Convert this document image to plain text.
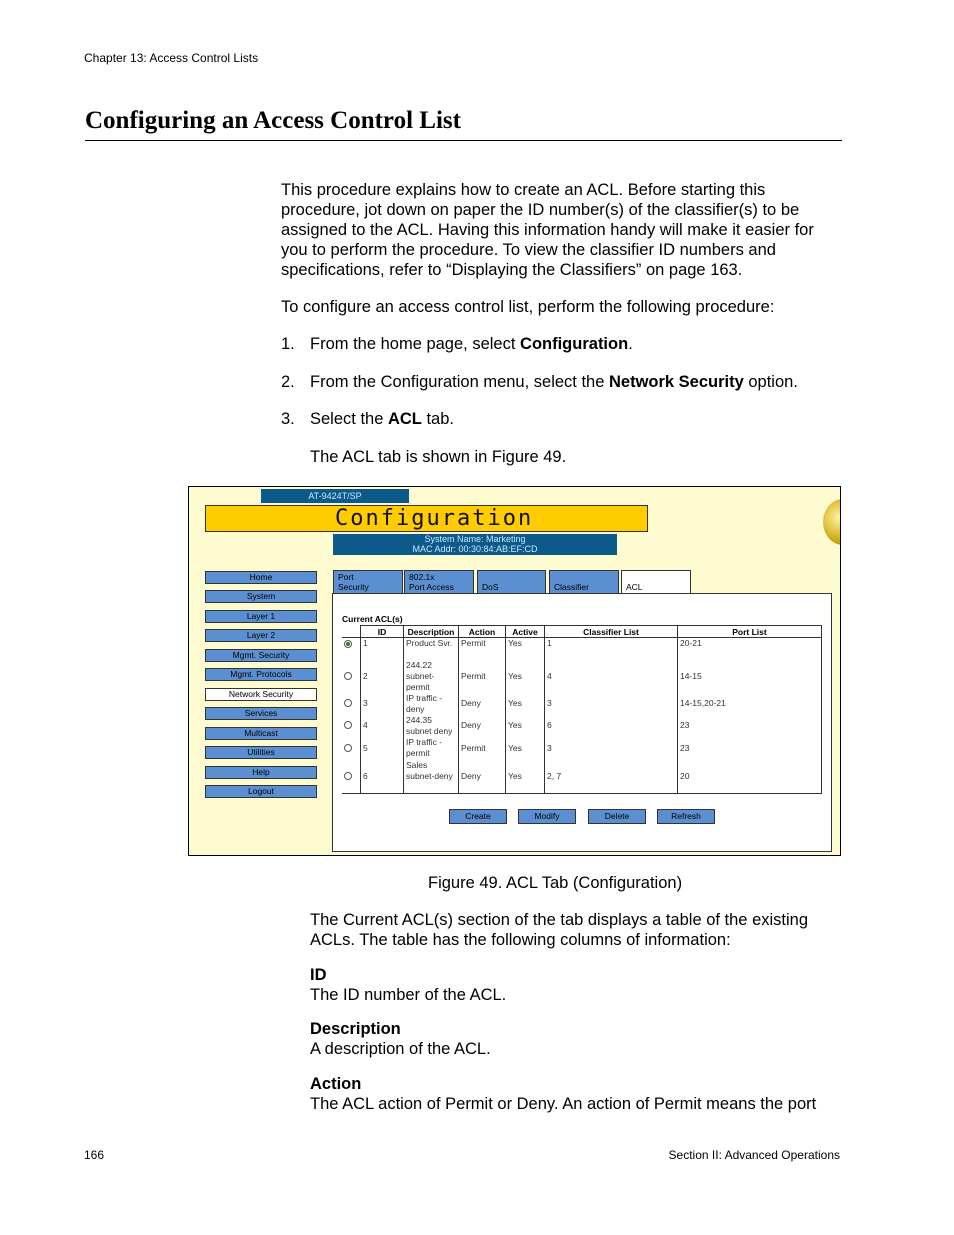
Chapter 13: Access Control Lists
Configuring an Access Control List
This procedure explains how to create an ACL. Before starting this
procedure, jot down on paper the ID number(s) of the classifier(s) to be
assigned to the ACL. Having this information handy will make it easier for
you to perform the procedure. To view the classifier ID numbers and
specifications, refer to “Displaying the Classifiers” on page 163.
To configure an access control list, perform the following procedure:
1. From the home page, select Configuration.
2. From the Configuration menu, select the Network Security option.
3. Select the ACL tab.
The ACL tab is shown in Figure 49.
AT-9424T/SP
Configuration
System Name: Marketing
MAC Addr: 00:30:84:AB:EF:CD
Home
System
Layer 1
Layer 2
Mgmt. Security
Mgmt. Protocols
Network Security
Services
Multicast
Utilities
Help
Logout
Port
Security
802.1x
Port Access
	DoS
	Classifier
	ACL
Current ACL(s)
	ID	Description	Action	Active	Classifier List	Port List
	1	Product Svr.	Permit	Yes	1	20-21
	2	244.22 subnet-permit	Permit	Yes	4	14-15
	3	IP traffic - deny	Deny	Yes	3	14-15,20-21
	4	244.35 subnet deny	Deny	Yes	6	23
	5	IP traffic - permit	Permit	Yes	3	23
	6	Sales subnet-deny	Deny	Yes	2, 7	20
Create	Modify	Delete	Refresh
Figure 49. ACL Tab (Configuration)
The Current ACL(s) section of the tab displays a table of the existing
ACLs. The table has the following columns of information:
ID
The ID number of the ACL.
Description
A description of the ACL.
Action
The ACL action of Permit or Deny. An action of Permit means the port
166	Section II: Advanced Operations
